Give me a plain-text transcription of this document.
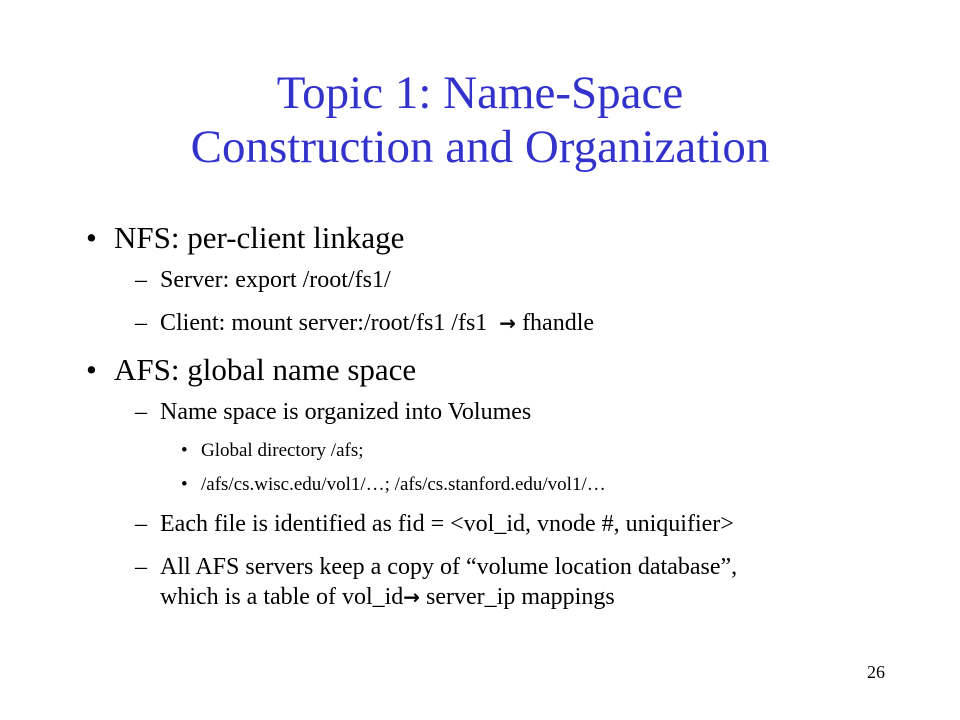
Topic 1: Name-Space
Construction and Organization
• NFS: per-client linkage
– Server: export /root/fs1/
– Client: mount server:/root/fs1 /fs1 → fhandle
• AFS: global name space
– Name space is organized into Volumes
• Global directory /afs;
• /afs/cs.wisc.edu/vol1/…; /afs/cs.stanford.edu/vol1/…
– Each file is identified as fid = <vol_id, vnode #, uniquifier>
– All AFS servers keep a copy of “volume location database”,
which is a table of vol_id→ server_ip mappings
26
